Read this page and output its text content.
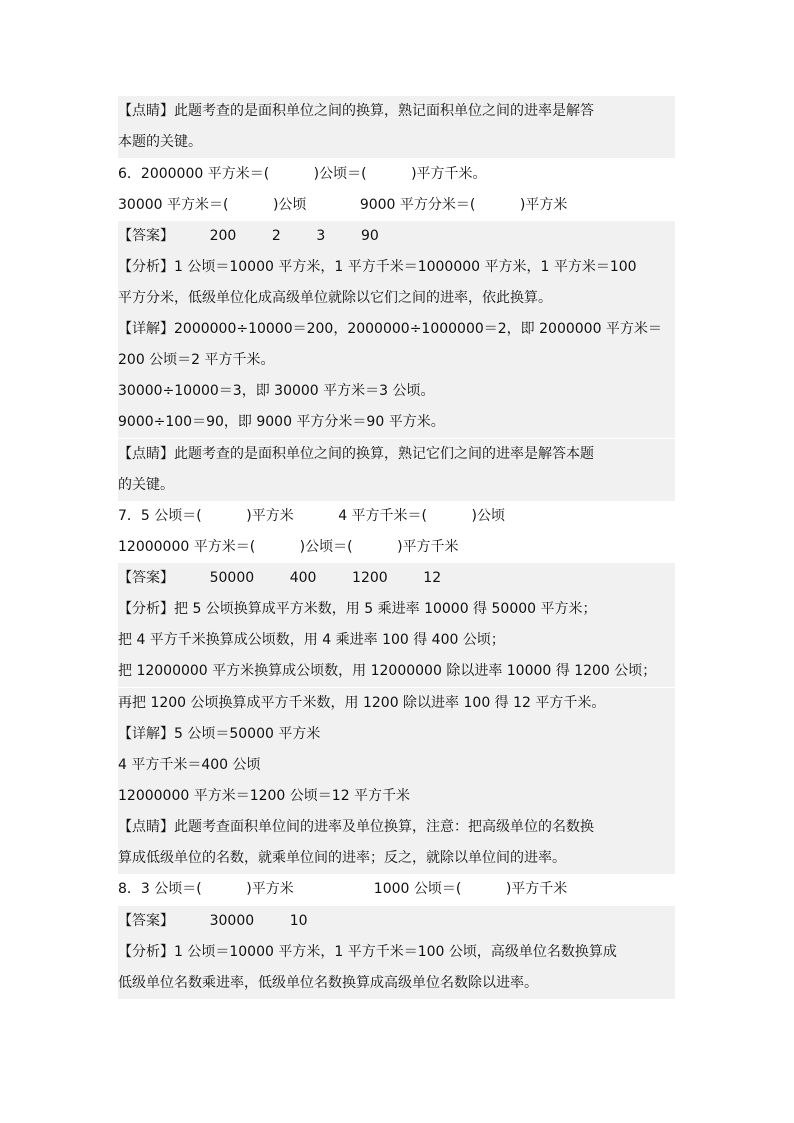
【点睛】此题考查的是面积单位之间的换算，熟记面积单位之间的进率是解答
本题的关键。
6．2000000 平方米＝(          )公顷＝(          )平方千米。
30000 平方米＝(          )公顷            9000 平方分米＝(          )平方米
【答案】        200        2        3        90
【分析】1 公顷＝10000 平方米，1 平方千米＝1000000 平方米，1 平方米＝100
平方分米，低级单位化成高级单位就除以它们之间的进率，依此换算。
【详解】2000000÷10000＝200，2000000÷1000000＝2，即 2000000 平方米＝
200 公顷＝2 平方千米。
30000÷10000＝3，即 30000 平方米＝3 公顷。
9000÷100＝90，即 9000 平方分米＝90 平方米。
【点睛】此题考查的是面积单位之间的换算，熟记它们之间的进率是解答本题
的关键。
7．5 公顷＝(          )平方米          4 平方千米＝(          )公顷
12000000 平方米＝(          )公顷＝(          )平方千米
【答案】        50000        400        1200        12
【分析】把 5 公顷换算成平方米数，用 5 乘进率 10000 得 50000 平方米；
把 4 平方千米换算成公顷数，用 4 乘进率 100 得 400 公顷；
把 12000000 平方米换算成公顷数，用 12000000 除以进率 10000 得 1200 公顷；
再把 1200 公顷换算成平方千米数，用 1200 除以进率 100 得 12 平方千米。
【详解】5 公顷＝50000 平方米
4 平方千米＝400 公顷
12000000 平方米＝1200 公顷＝12 平方千米
【点睛】此题考查面积单位间的进率及单位换算，注意：把高级单位的名数换
算成低级单位的名数，就乘单位间的进率；反之，就除以单位间的进率。
8．3 公顷＝(          )平方米                  1000 公顷＝(          )平方千米
【答案】        30000        10
【分析】1 公顷＝10000 平方米，1 平方千米＝100 公顷，高级单位名数换算成
低级单位名数乘进率，低级单位名数换算成高级单位名数除以进率。
